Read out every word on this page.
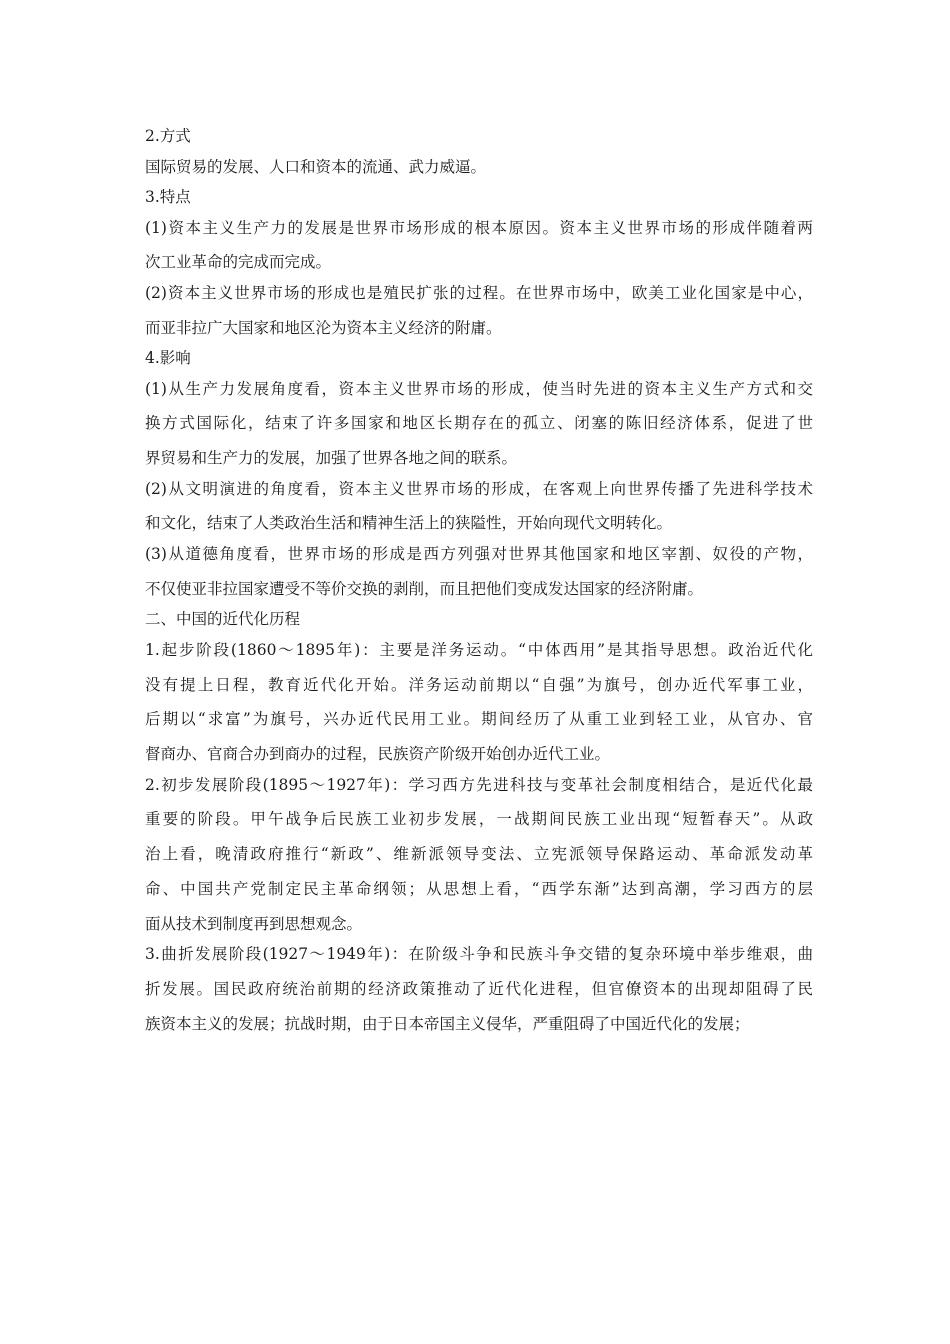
2.方式

国际贸易的发展、人口和资本的流通、武力威逼。

3.特点

(1)资本主义生产力的发展是世界市场形成的根本原因。资本主义世界市场的形成伴随着两

次工业革命的完成而完成。

(2)资本主义世界市场的形成也是殖民扩张的过程。在世界市场中，欧美工业化国家是中心，

而亚非拉广大国家和地区沦为资本主义经济的附庸。

4.影响

(1)从生产力发展角度看，资本主义世界市场的形成，使当时先进的资本主义生产方式和交

换方式国际化，结束了许多国家和地区长期存在的孤立、闭塞的陈旧经济体系，促进了世

界贸易和生产力的发展，加强了世界各地之间的联系。

(2)从文明演进的角度看，资本主义世界市场的形成，在客观上向世界传播了先进科学技术

和文化，结束了人类政治生活和精神生活上的狭隘性，开始向现代文明转化。

(3)从道德角度看，世界市场的形成是西方列强对世界其他国家和地区宰割、奴役的产物，

不仅使亚非拉国家遭受不等价交换的剥削，而且把他们变成发达国家的经济附庸。

二、中国的近代化历程

1.起步阶段(1860～1895年)：主要是洋务运动。“中体西用”是其指导思想。政治近代化

没有提上日程，教育近代化开始。洋务运动前期以“自强”为旗号，创办近代军事工业，

后期以“求富”为旗号，兴办近代民用工业。期间经历了从重工业到轻工业，从官办、官

督商办、官商合办到商办的过程，民族资产阶级开始创办近代工业。

2.初步发展阶段(1895～1927年)：学习西方先进科技与变革社会制度相结合，是近代化最

重要的阶段。甲午战争后民族工业初步发展，一战期间民族工业出现“短暂春天”。从政

治上看，晚清政府推行“新政”、维新派领导变法、立宪派领导保路运动、革命派发动革

命、中国共产党制定民主革命纲领；从思想上看，“西学东渐”达到高潮，学习西方的层

面从技术到制度再到思想观念。

3.曲折发展阶段(1927～1949年)：在阶级斗争和民族斗争交错的复杂环境中举步维艰，曲

折发展。国民政府统治前期的经济政策推动了近代化进程，但官僚资本的出现却阻碍了民

族资本主义的发展；抗战时期，由于日本帝国主义侵华，严重阻碍了中国近代化的发展；
